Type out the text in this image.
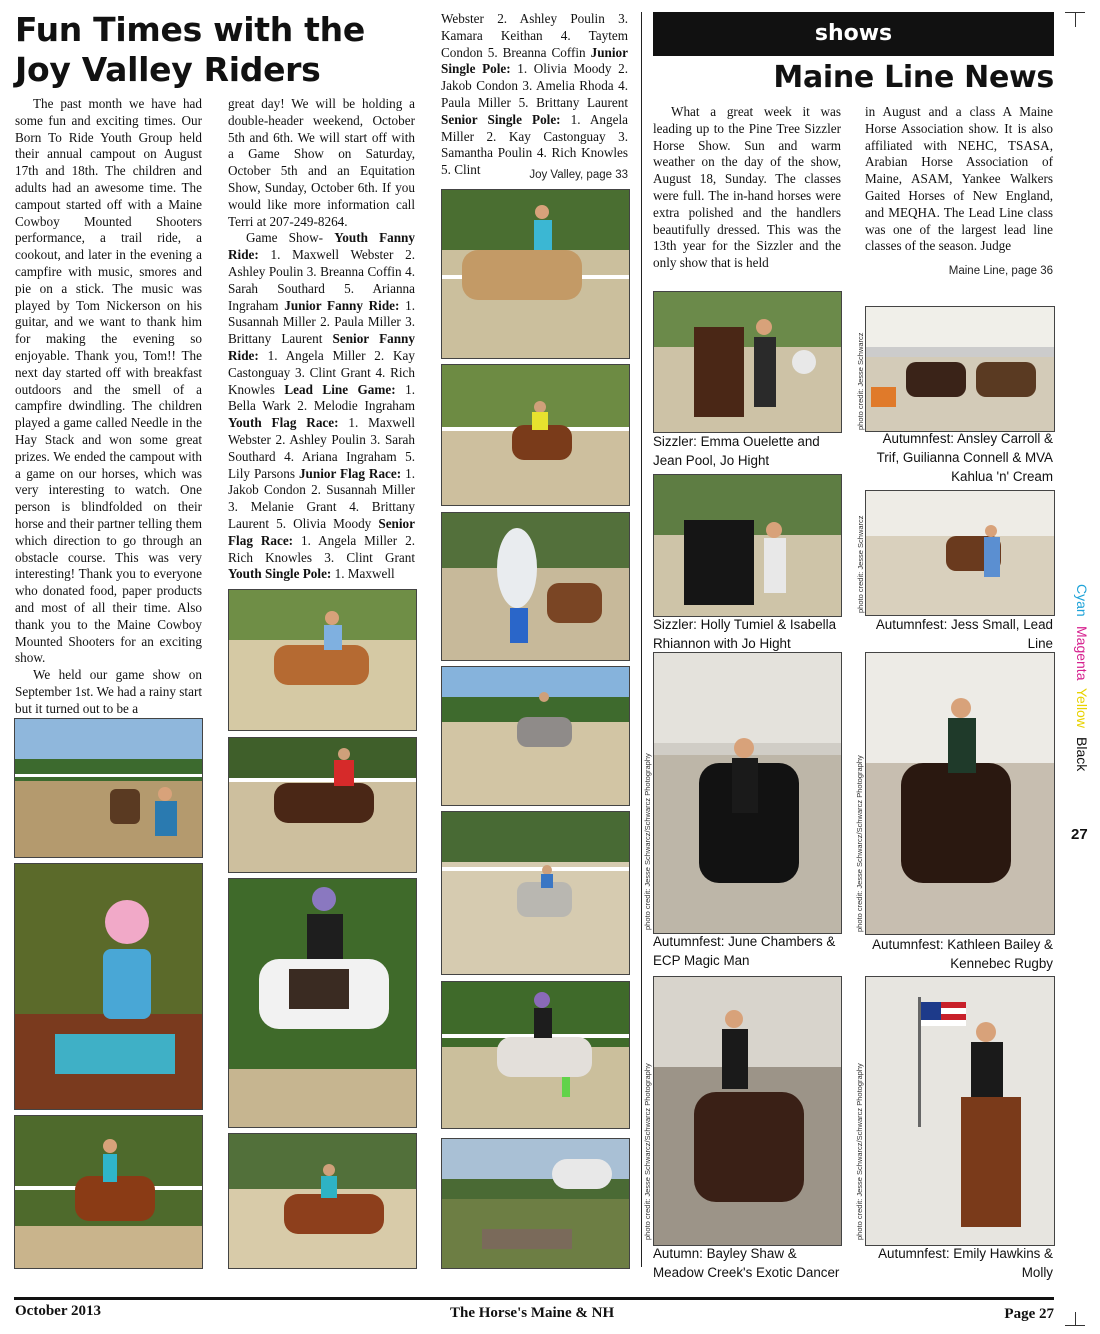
Fun Times with the Joy Valley Riders

The past month we have had some fun and exciting times. Our Born To Ride Youth Group held their annual campout on August 17th and 18th. The children and adults had an awesome time. The campout started off with a Maine Cowboy Mounted Shooters performance, a trail ride, a cookout, and later in the evening a campfire with music, smores and pie on a stick. The music was played by Tom Nickerson on his guitar, and we want to thank him for making the evening so enjoyable. Thank you, Tom!! The next day started off with breakfast outdoors and the smell of a campfire dwindling. The children played a game called Needle in the Hay Stack and won some great prizes. We ended the campout with a game on our horses, which was very interesting to watch. One person is blindfolded on their horse and their partner telling them which direction to go through an obstacle course. This was very interesting! Thank you to everyone who donated food, paper products and most of all their time. Also thank you to the Maine Cowboy Mounted Shooters for an exciting show.

We held our game show on September 1st. We had a rainy start but it turned out to be a

great day! We will be holding a double-header weekend, October 5th and 6th. We will start off with a Game Show on Saturday, October 5th and an Equitation Show, Sunday, October 6th. If you would like more information call Terri at 207-249-8264.

Game Show- Youth Fanny Ride: 1. Maxwell Webster 2. Ashley Poulin 3. Breanna Coffin 4. Sarah Southard 5. Arianna Ingraham Junior Fanny Ride: 1. Susannah Miller 2. Paula Miller 3. Brittany Laurent Senior Fanny Ride: 1. Angela Miller 2. Kay Castonguay 3. Clint Grant 4. Rich Knowles Lead Line Game: 1. Bella Wark 2. Melodie Ingraham Youth Flag Race: 1. Maxwell Webster 2. Ashley Poulin 3. Sarah Southard 4. Ariana Ingraham 5. Lily Parsons Junior Flag Race: 1. Jakob Condon 2. Susannah Miller 3. Melanie Grant 4. Brittany Laurent 5. Olivia Moody Senior Flag Race: 1. Angela Miller 2. Rich Knowles 3. Clint Grant Youth Single Pole: 1. Maxwell

Webster 2. Ashley Poulin 3. Kamara Keithan 4. Taytem Condon 5. Breanna Coffin Junior Single Pole: 1. Olivia Moody 2. Jakob Condon 3. Amelia Rhoda 4. Paula Miller 5. Brittany Laurent Senior Single Pole: 1. Angela Miller 2. Kay Castonguay 3. Samantha Poulin 4. Rich Knowles 5. Clint	Joy Valley, page 33
shows
Maine Line News

What a great week it was leading up to the Pine Tree Sizzler Horse Show. Sun and warm weather on the day of the show, August 18, Sunday. The classes were full. The in-hand horses were extra polished and the handlers beautifully dressed. This was the 13th year for the Sizzler and the only show that is held

in August and a class A Maine Horse Association show. It is also affiliated with NEHC, TSASA, Arabian Horse Association of Maine, ASAM, Yankee Walkers Gaited Horses of New England, and MEQHA. The Lead Line class was one of the largest lead line classes of the season. Judge

Maine Line, page 36
photo credit: Jesse Schwarcz
Sizzler: Emma Ouelette and Jean Pool, Jo Hight
Autumnfest: Ansley Carroll & Trif, Guilianna Connell & MVA Kahlua 'n' Cream
photo credit: Jesse Schwarcz
Sizzler: Holly Tumiel & Isabella Rhiannon with Jo Hight
Autumnfest: Jess Small, Lead Line
photo credit: Jesse Schwarcz/Schwarcz Photography	photo credit: Jesse Schwarcz/Schwarcz Photography
Autumnfest: June Chambers & ECP Magic Man
Autumnfest: Kathleen Bailey & Kennebec Rugby
photo credit: Jesse Schwarcz/Schwarcz Photography	photo credit: Jesse Schwarcz/Schwarcz Photography
Autumn: Bayley Shaw & Meadow Creek's Exotic Dancer
Autumnfest: Emily Hawkins & Molly
Cyan
Magenta
Yellow
Black
27
October 2013	The Horse's Maine & NH	Page 27
